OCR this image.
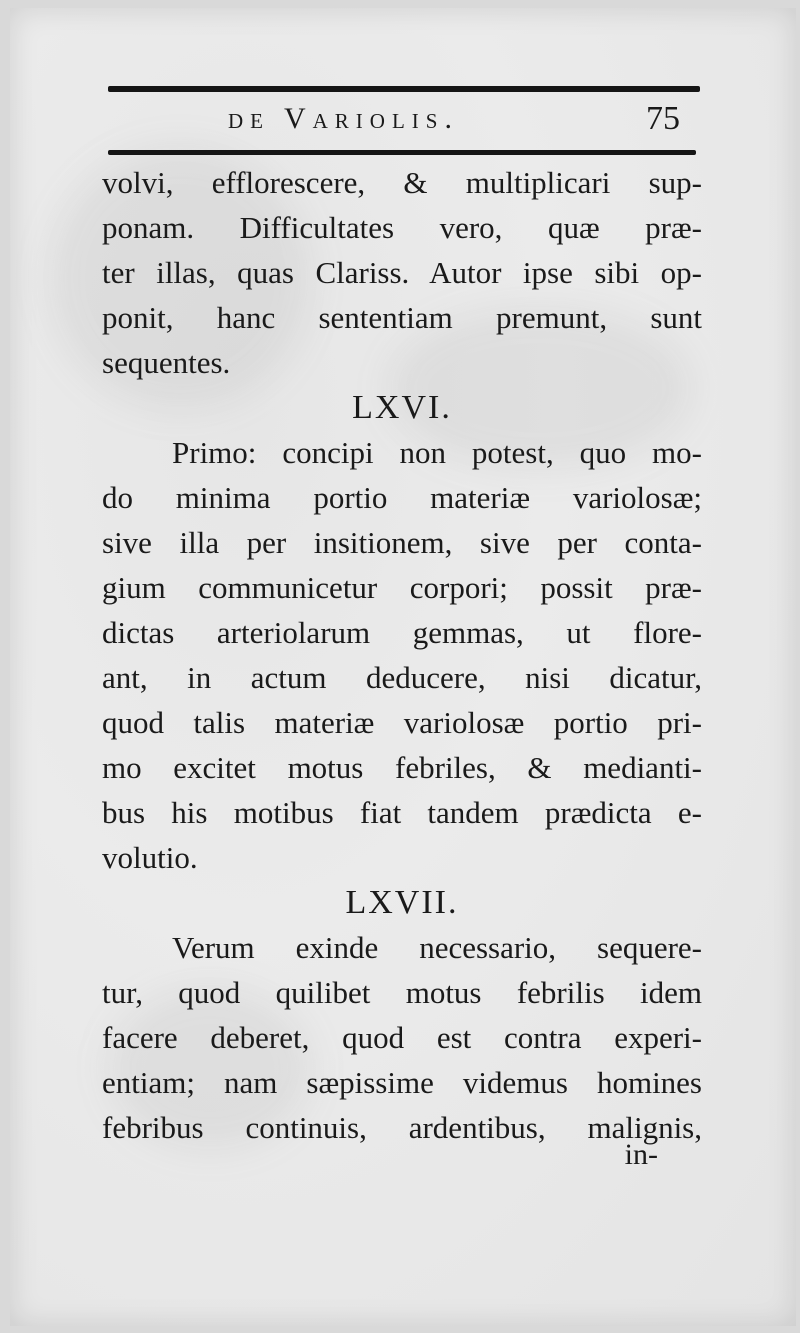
de Variolis.	75
volvi, efflorescere, & multiplicari sup-
ponam. Difficultates vero, quæ præ-
ter illas, quas Clariss. Autor ipse sibi op-
ponit, hanc sententiam premunt, sunt
sequentes.
LXVI.
Primo: concipi non potest, quo mo-
do minima portio materiæ variolosæ;
sive illa per insitionem, sive per conta-
gium communicetur corpori; possit præ-
dictas arteriolarum gemmas, ut flore-
ant, in actum deducere, nisi dicatur,
quod talis materiæ variolosæ portio pri-
mo excitet motus febriles, & medianti-
bus his motibus fiat tandem prædicta e-
volutio.
LXVII.
Verum exinde necessario, sequere-
tur, quod quilibet motus febrilis idem
facere deberet, quod est contra experi-
entiam; nam sæpissime videmus homines
febribus continuis, ardentibus, malignis,
in-
